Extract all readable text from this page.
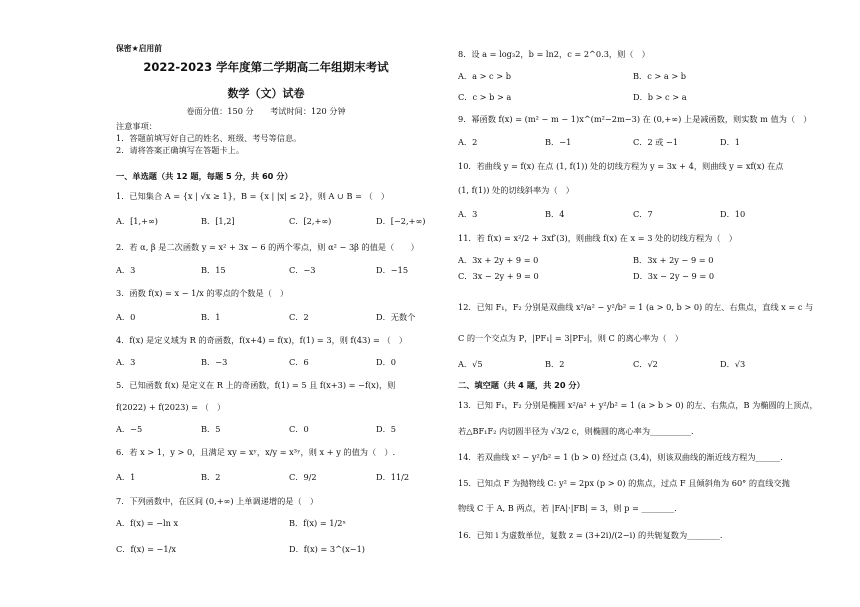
保密★启用前
2022-2023 学年度第二学期高二年组期末考试
数学（文）试卷
卷面分值：150 分　　考试时间：120 分钟
注意事项：
1．答题前填写好自己的姓名、班级、考号等信息。
2．请将答案正确填写在答题卡上。
一、单选题（共 12 题，每题 5 分，共 60 分）
1．已知集合 A = {x | √x ≥ 1}，B = {x | |x| ≤ 2}，则 A ∪ B = （　）
A．[1,+∞)	B．[1,2]	C．[2,+∞)	D．[−2,+∞)
2．若 α, β 是二次函数 y = x² + 3x − 6 的两个零点，则 α² − 3β 的值是（　　）
A．3	B．15	C．−3	D．−15
3．函数 f(x) = x − 1/x 的零点的个数是（　）
A．0	B．1	C．2	D．无数个
4．f(x) 是定义域为 R 的奇函数，f(x+4) = f(x)，f(1) = 3，则 f(43) = （　）
A．3	B．−3	C．6	D．0
5．已知函数 f(x) 是定义在 R 上的奇函数，f(1) = 5 且 f(x+3) = −f(x)，则
f(2022) + f(2023) = （　）
A．−5	B．5	C．0	D．5
6．若 x > 1，y > 0，且满足 xy = xʸ，x/y = x³ʸ，则 x + y 的值为（　）.
A．1	B．2	C．9/2	D．11/2
7．下列函数中，在区间 (0,+∞) 上单调递增的是（　）
A．f(x) = −ln x	B．f(x) = 1/2ˣ
C．f(x) = −1/x	D．f(x) = 3^(x−1)
8．设 a = log₃2，b = ln2，c = 2^0.3，则（　）
A．a > c > b	B．c > a > b
C．c > b > a	D．b > c > a
9．幂函数 f(x) = (m² − m − 1)x^(m²−2m−3) 在 (0,+∞) 上是减函数，则实数 m 值为（　）
A．2	B．−1	C．2 或 −1	D．1
10．若曲线 y = f(x) 在点 (1, f(1)) 处的切线方程为 y = 3x + 4，则曲线 y = xf(x) 在点
(1, f(1)) 处的切线斜率为（　）
A．3	B．4	C．7	D．10
11．若 f(x) = x²/2 + 3xf′(3)，则曲线 f(x) 在 x = 3 处的切线方程为（　）
A．3x + 2y + 9 = 0	B．3x + 2y − 9 = 0
C．3x − 2y + 9 = 0	D．3x − 2y − 9 = 0
12．已知 F₁，F₂ 分别是双曲线 x²/a² − y²/b² = 1 (a > 0, b > 0) 的左、右焦点，直线 x = c 与
C 的一个交点为 P，|PF₁| = 3|PF₂|，则 C 的离心率为（　）
A．√5	B．2	C．√2	D．√3
二、填空题（共 4 题，共 20 分）
13．已知 F₁，F₂ 分别是椭圆 x²/a² + y²/b² = 1 (a > b > 0) 的左、右焦点，B 为椭圆的上顶点，
若△BF₁F₂ 内切圆半径为 √3/2 c，则椭圆的离心率为__________.
14．若双曲线 x² − y²/b² = 1 (b > 0) 经过点 (3,4)，则该双曲线的渐近线方程为______.
15．已知点 F 为抛物线 C: y² = 2px (p > 0) 的焦点，过点 F 且倾斜角为 60° 的直线交抛
物线 C 于 A, B 两点，若 |FA|·|FB| = 3，则 p = ________.
16．已知 i 为虚数单位，复数 z = (3+2i)/(2−i) 的共轭复数为________.
